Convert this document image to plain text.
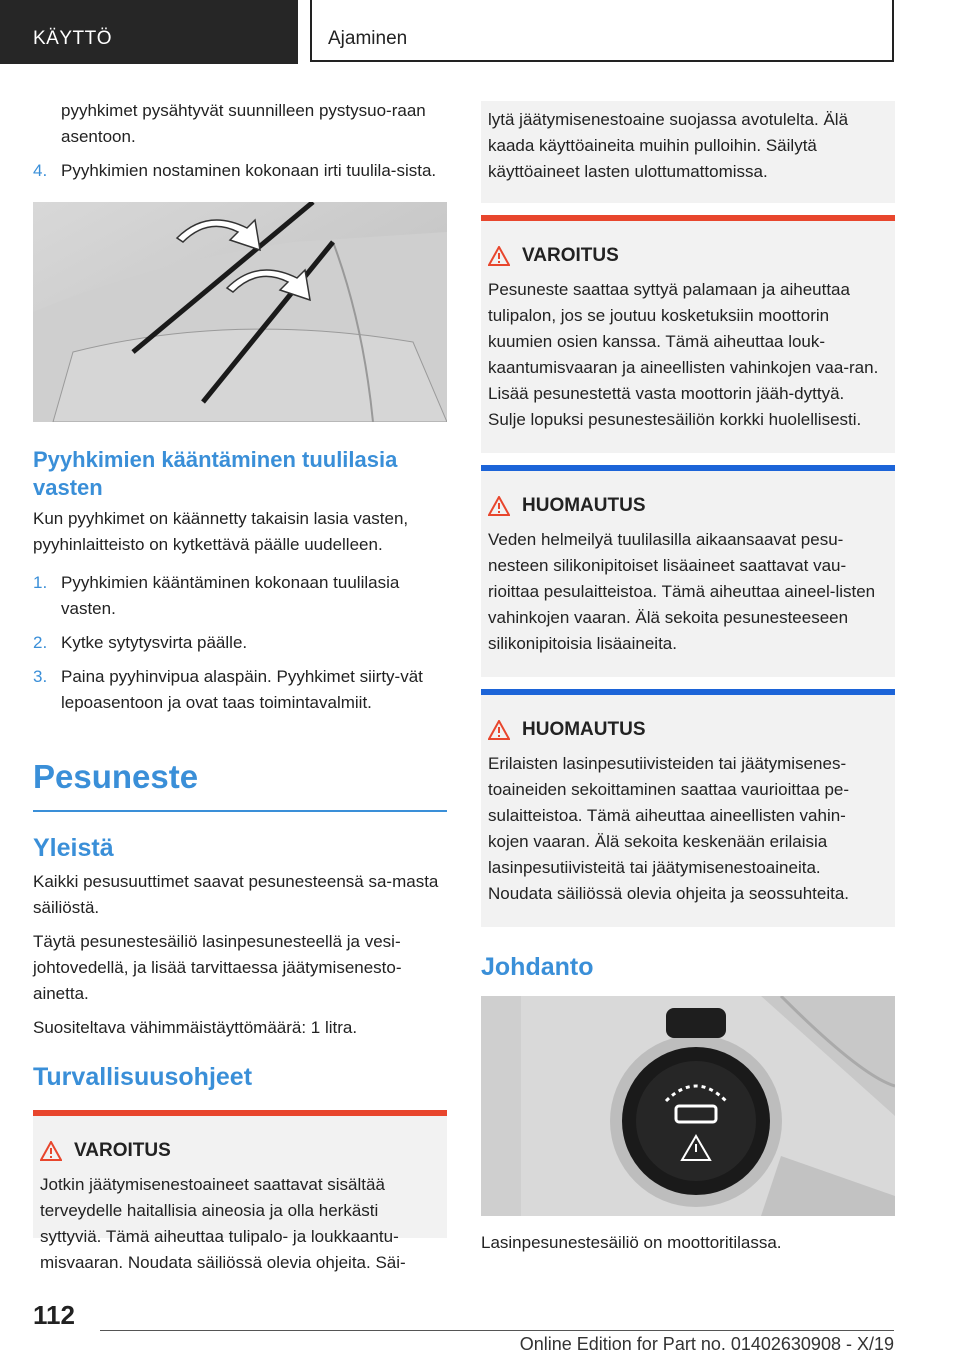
KÄYTTÖ	Ajaminen

pyyhkimet pysähtyvät suunnilleen pystysuo-raan asentoon.

4. Pyyhkimien nostaminen kokonaan irti tuulila-sista.
Pyyhkimien kääntäminen tuulilasia vasten

Kun pyyhkimet on käännetty takaisin lasia vasten, pyyhinlaitteisto on kytkettävä päälle uudelleen.

1. Pyyhkimien kääntäminen kokonaan tuulilasia vasten.
2. Kytke sytytysvirta päälle.
3. Paina pyyhinvipua alaspäin. Pyyhkimet siirty-vät lepoasentoon ja ovat taas toimintavalmiit.
Pesuneste
Yleistä

Kaikki pesusuuttimet saavat pesunesteensä sa-masta säiliöstä.

Täytä pesunestesäiliö lasinpesunesteellä ja vesi-johtovedellä, ja lisää tarvittaessa jäätymisenesto-ainetta.

Suositeltava vähimmäistäyttömäärä: 1 litra.

Turvallisuusohjeet
VAROITUS
Jotkin jäätymisenestoaineet saattavat sisältää terveydelle haitallisia aineosia ja olla herkästi syttyviä. Tämä aiheuttaa tulipalo- ja loukkaantu-misvaaran. Noudata säiliössä olevia ohjeita. Säi-
lytä jäätymisenestoaine suojassa avotulelta. Älä kaada käyttöaineita muihin pulloihin. Säilytä käyttöaineet lasten ulottumattomissa.
VAROITUS
Pesuneste saattaa syttyä palamaan ja aiheuttaa tulipalon, jos se joutuu kosketuksiin moottorin kuumien osien kanssa. Tämä aiheuttaa louk-kaantumisvaaran ja aineellisten vahinkojen vaa-ran. Lisää pesunestettä vasta moottorin jääh-dyttyä. Sulje lopuksi pesunestesäiliön korkki huolellisesti.
HUOMAUTUS
Veden helmeilyä tuulilasilla aikaansaavat pesu-nesteen silikonipitoiset lisäaineet saattavat vau-rioittaa pesulaitteistoa. Tämä aiheuttaa aineel-listen vahinkojen vaaran. Älä sekoita pesunesteeseen silikonipitoisia lisäaineita.
HUOMAUTUS
Erilaisten lasinpesutiivisteiden tai jäätymisenes-toaineiden sekoittaminen saattaa vaurioittaa pe-sulaitteistoa. Tämä aiheuttaa aineellisten vahin-kojen vaaran. Älä sekoita keskenään erilaisia lasinpesutiivisteitä tai jäätymisenestoaineita. Noudata säiliössä olevia ohjeita ja seossuhteita.
Johdanto

Lasinpesunestesäiliö on moottoritilassa.

112
Online Edition for Part no. 01402630908 - X/19
